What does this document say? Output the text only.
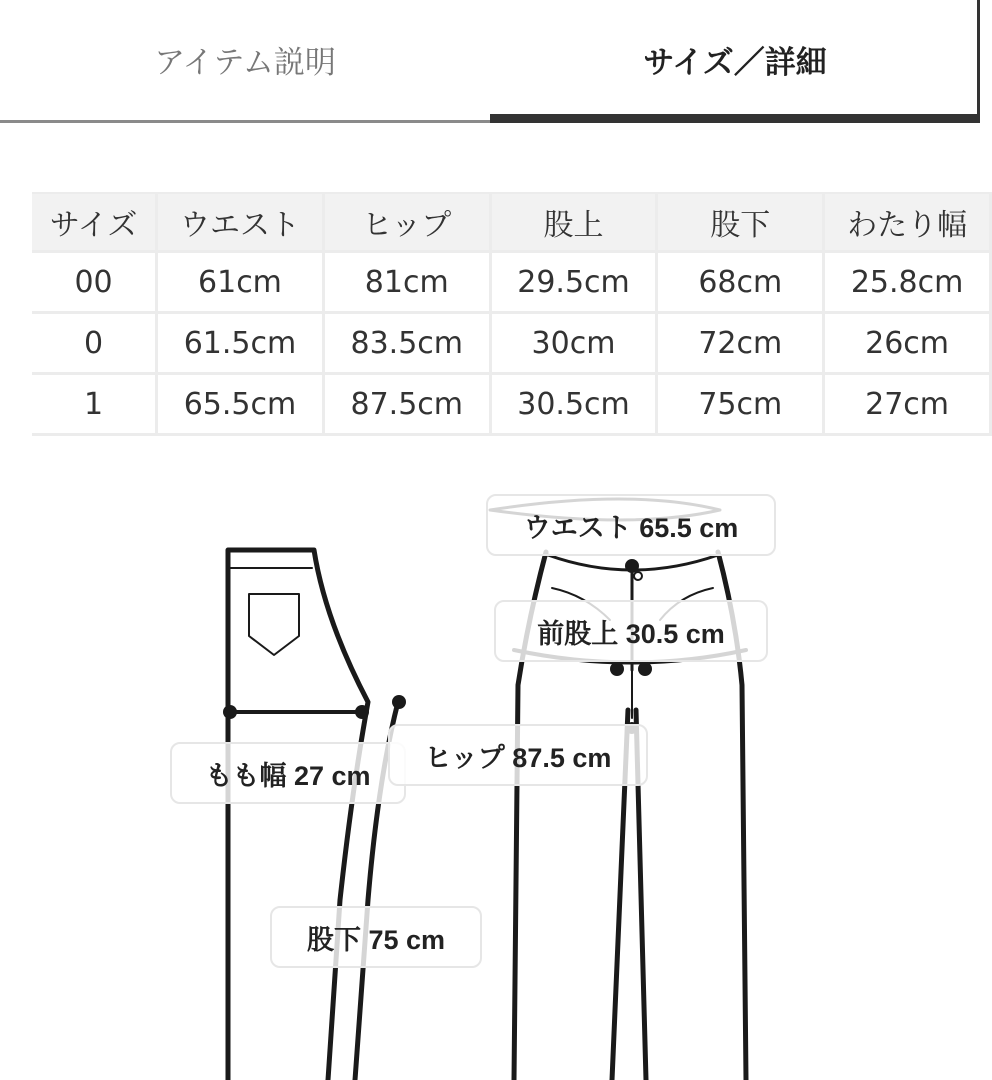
アイテム説明	サイズ／詳細
サイズ	ウエスト	ヒップ	股上	股下	わたり幅
00	61cm	81cm	29.5cm	68cm	25.8cm
0	61.5cm	83.5cm	30cm	72cm	26cm
1	65.5cm	87.5cm	30.5cm	75cm	27cm
ウエスト 65.5 cm
前股上 30.5 cm
もも幅 27 cm
ヒップ 87.5 cm
股下 75 cm
